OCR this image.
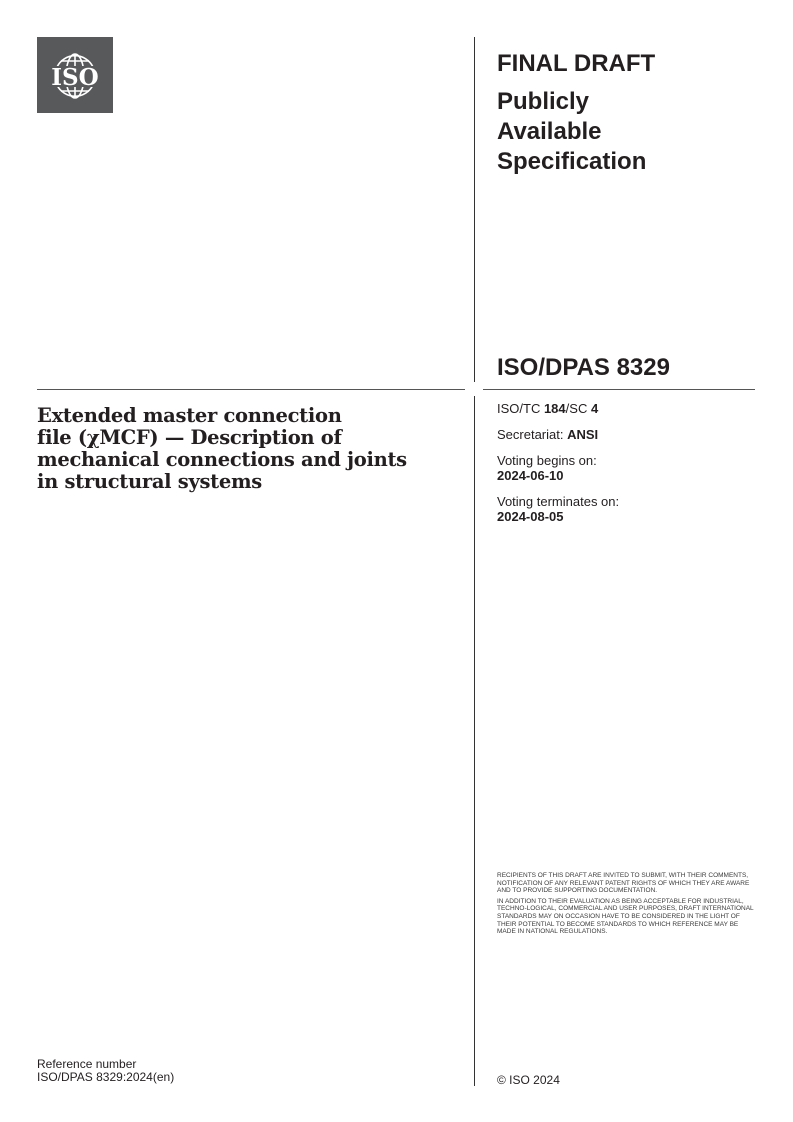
ISO
FINAL DRAFT
Publicly
Available
Specification
ISO/DPAS 8329
Extended master connection
file (χMCF) — Description of
mechanical connections and joints
in structural systems
ISO/TC 184/SC 4
Secretariat: ANSI
Voting begins on:
2024-06-10
Voting terminates on:
2024-08-05

RECIPIENTS OF THIS DRAFT ARE INVITED TO SUBMIT, WITH THEIR COMMENTS, NOTIFICATION OF ANY RELEVANT PATENT RIGHTS OF WHICH THEY ARE AWARE AND TO PROVIDE SUPPORTING DOCUMENTATION.

IN ADDITION TO THEIR EVALUATION AS BEING ACCEPTABLE FOR INDUSTRIAL, TECHNO-LOGICAL, COMMERCIAL AND USER PURPOSES, DRAFT INTERNATIONAL STANDARDS MAY ON OCCASION HAVE TO BE CONSIDERED IN THE LIGHT OF THEIR POTENTIAL TO BECOME STANDARDS TO WHICH REFERENCE MAY BE MADE IN NATIONAL REGULATIONS.

Reference number
ISO/DPAS 8329:2024(en)	© ISO 2024
